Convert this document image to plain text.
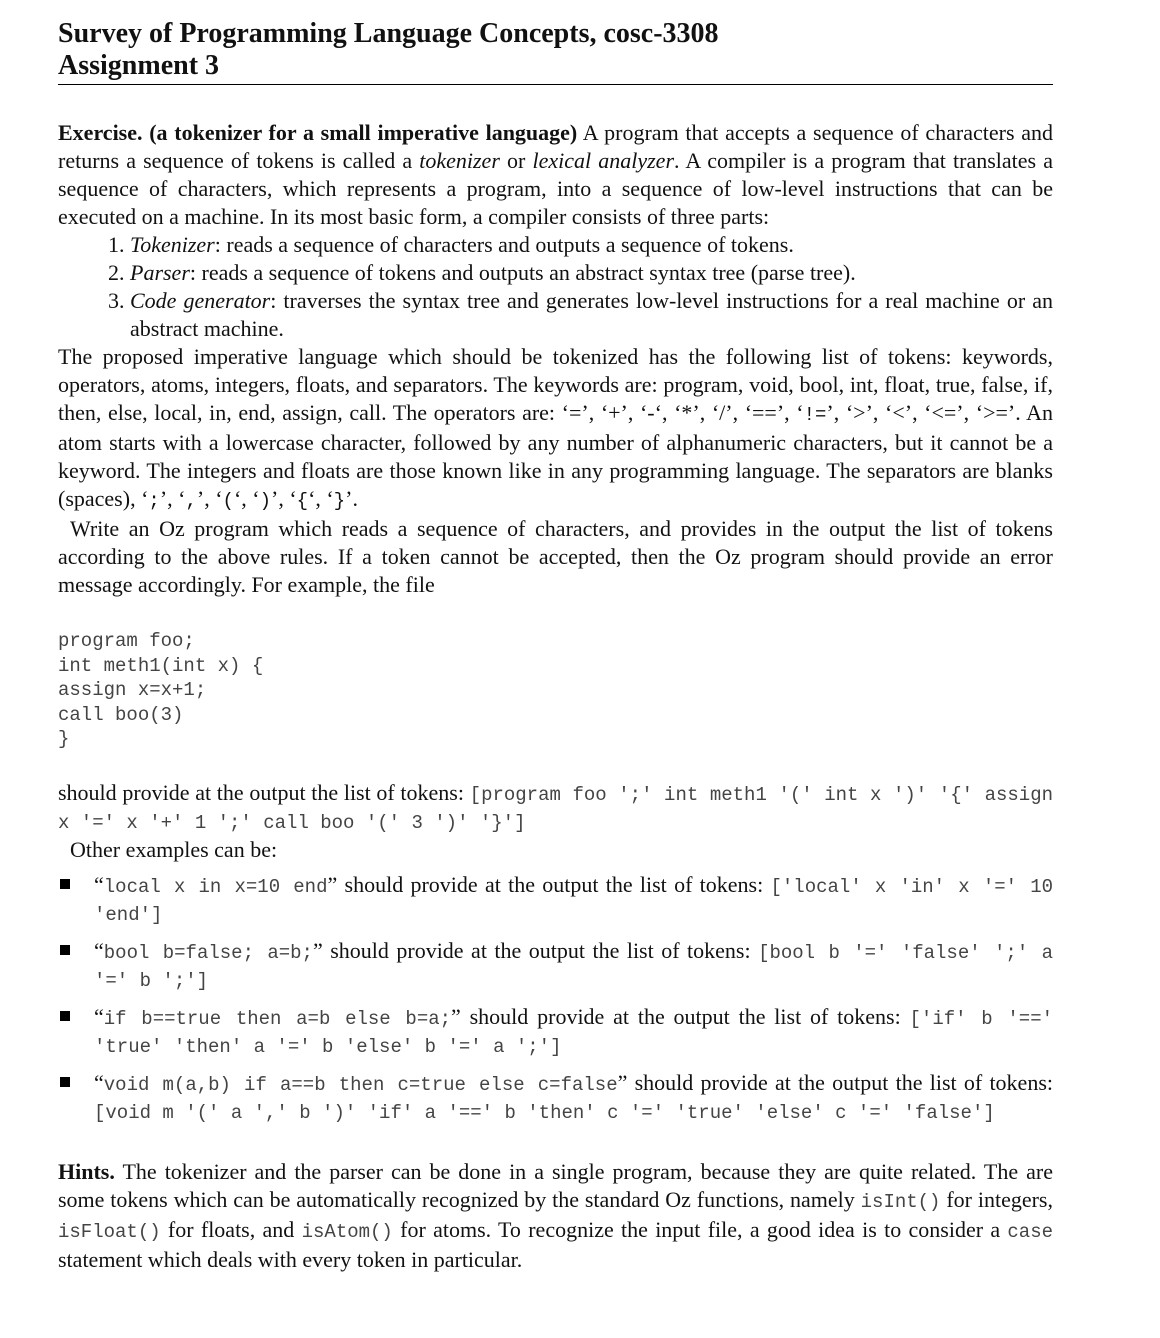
Survey of Programming Language Concepts, cosc-3308

Assignment 3

Exercise. (a tokenizer for a small imperative language) A program that accepts a sequence of characters and returns a sequence of tokens is called a tokenizer or lexical analyzer. A compiler is a program that translates a sequence of characters, which represents a program, into a sequence of low-level instructions that can be executed on a machine. In its most basic form, a compiler consists of three parts:

1. Tokenizer: reads a sequence of characters and outputs a sequence of tokens.
2. Parser: reads a sequence of tokens and outputs an abstract syntax tree (parse tree).
3. Code generator: traverses the syntax tree and generates low-level instructions for a real machine or an abstract machine.

The proposed imperative language which should be tokenized has the following list of tokens: keywords, operators, atoms, integers, floats, and separators. The keywords are: program, void, bool, int, float, true, false, if, then, else, local, in, end, assign, call. The operators are: ‘=’, ‘+’, ‘-‘, ‘*’, ‘/’, ‘==’, ‘!=’, ‘>’, ‘<’, ‘<=’, ‘>=’. An atom starts with a lowercase character, followed by any number of alphanumeric characters, but it cannot be a keyword. The integers and floats are those known like in any programming language. The separators are blanks (spaces), ‘;’, ‘,’, ‘(‘, ‘)’, ‘{‘, ‘}’.

Write an Oz program which reads a sequence of characters, and provides in the output the list of tokens according to the above rules. If a token cannot be accepted, then the Oz program should provide an error message accordingly. For example, the file

program foo;
int meth1(int x) {
assign x=x+1;
call boo(3)
}

should provide at the output the list of tokens: [program foo ';' int meth1 '(' int x ')' '{' assign x '=' x '+' 1 ';' call boo '(' 3 ')' '}']

Other examples can be:

“local x in x=10 end” should provide at the output the list of tokens: ['local' x 'in' x '=' 10 'end']
“bool b=false; a=b;” should provide at the output the list of tokens: [bool b '=' 'false' ';' a '=' b ';']
“if b==true then a=b else b=a;” should provide at the output the list of tokens: ['if' b '==' 'true' 'then' a '=' b 'else' b '=' a ';']
“void m(a,b) if a==b then c=true else c=false” should provide at the output the list of tokens: [void m '(' a ',' b ')' 'if' a '==' b 'then' c '=' 'true' 'else' c '=' 'false']

Hints. The tokenizer and the parser can be done in a single program, because they are quite related. The are some tokens which can be automatically recognized by the standard Oz functions, namely isInt() for integers, isFloat() for floats, and isAtom() for atoms. To recognize the input file, a good idea is to consider a case statement which deals with every token in particular.
